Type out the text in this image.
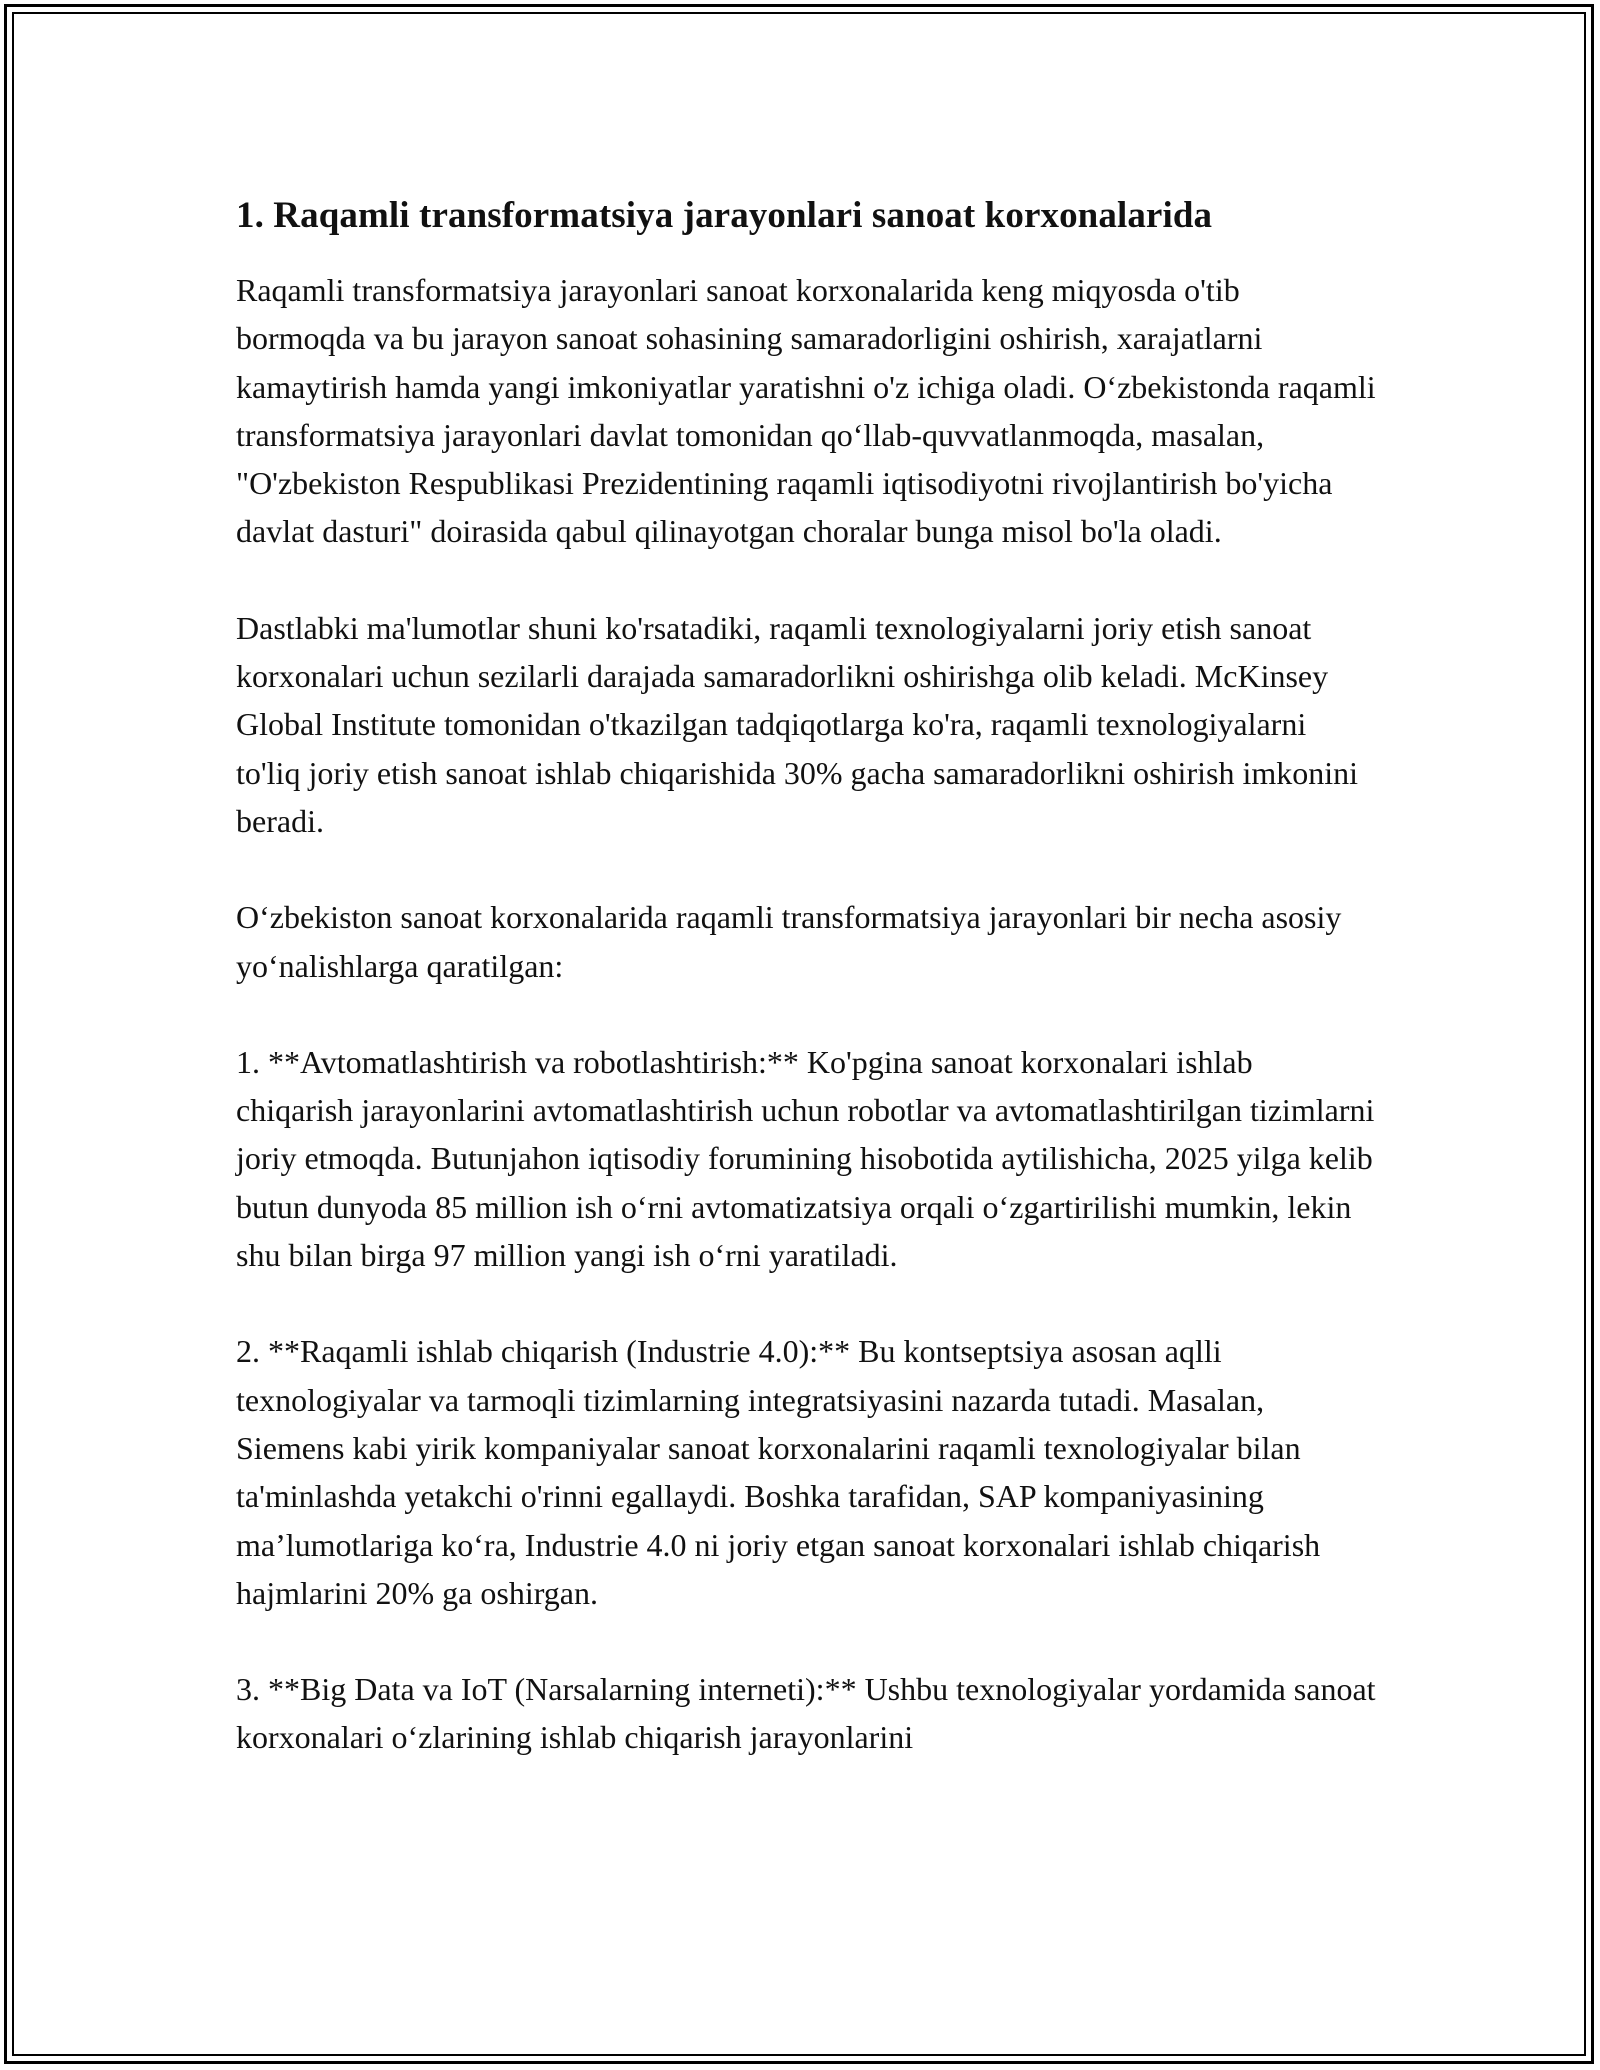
1. Raqamli transformatsiya jarayonlari sanoat korxonalarida

Raqamli transformatsiya jarayonlari sanoat korxonalarida keng miqyosda o'tib bormoqda va bu jarayon sanoat sohasining samaradorligini oshirish, xarajatlarni kamaytirish hamda yangi imkoniyatlar yaratishni o'z ichiga oladi. O‘zbekistonda raqamli transformatsiya jarayonlari davlat tomonidan qo‘llab-quvvatlanmoqda, masalan, "O'zbekiston Respublikasi Prezidentining raqamli iqtisodiyotni rivojlantirish bo'yicha davlat dasturi" doirasida qabul qilinayotgan choralar bunga misol bo'la oladi.

Dastlabki ma'lumotlar shuni ko'rsatadiki, raqamli texnologiyalarni joriy etish sanoat korxonalari uchun sezilarli darajada samaradorlikni oshirishga olib keladi. McKinsey Global Institute tomonidan o'tkazilgan tadqiqotlarga ko'ra, raqamli texnologiyalarni to'liq joriy etish sanoat ishlab chiqarishida 30% gacha samaradorlikni oshirish imkonini beradi.

O‘zbekiston sanoat korxonalarida raqamli transformatsiya jarayonlari bir necha asosiy yo‘nalishlarga qaratilgan:

1. **Avtomatlashtirish va robotlashtirish:** Ko'pgina sanoat korxonalari ishlab chiqarish jarayonlarini avtomatlashtirish uchun robotlar va avtomatlashtirilgan tizimlarni joriy etmoqda. Butunjahon iqtisodiy forumining hisobotida aytilishicha, 2025 yilga kelib butun dunyoda 85 million ish o‘rni avtomatizatsiya orqali o‘zgartirilishi mumkin, lekin shu bilan birga 97 million yangi ish o‘rni yaratiladi.

2. **Raqamli ishlab chiqarish (Industrie 4.0):** Bu kontseptsiya asosan aqlli texnologiyalar va tarmoqli tizimlarning integratsiyasini nazarda tutadi. Masalan, Siemens kabi yirik kompaniyalar sanoat korxonalarini raqamli texnologiyalar bilan ta'minlashda yetakchi o'rinni egallaydi. Boshka tarafidan, SAP kompaniyasining ma’lumotlariga ko‘ra, Industrie 4.0 ni joriy etgan sanoat korxonalari ishlab chiqarish hajmlarini 20% ga oshirgan.

3. **Big Data va IoT (Narsalarning interneti):** Ushbu texnologiyalar yordamida sanoat korxonalari o‘zlarining ishlab chiqarish jarayonlarini
